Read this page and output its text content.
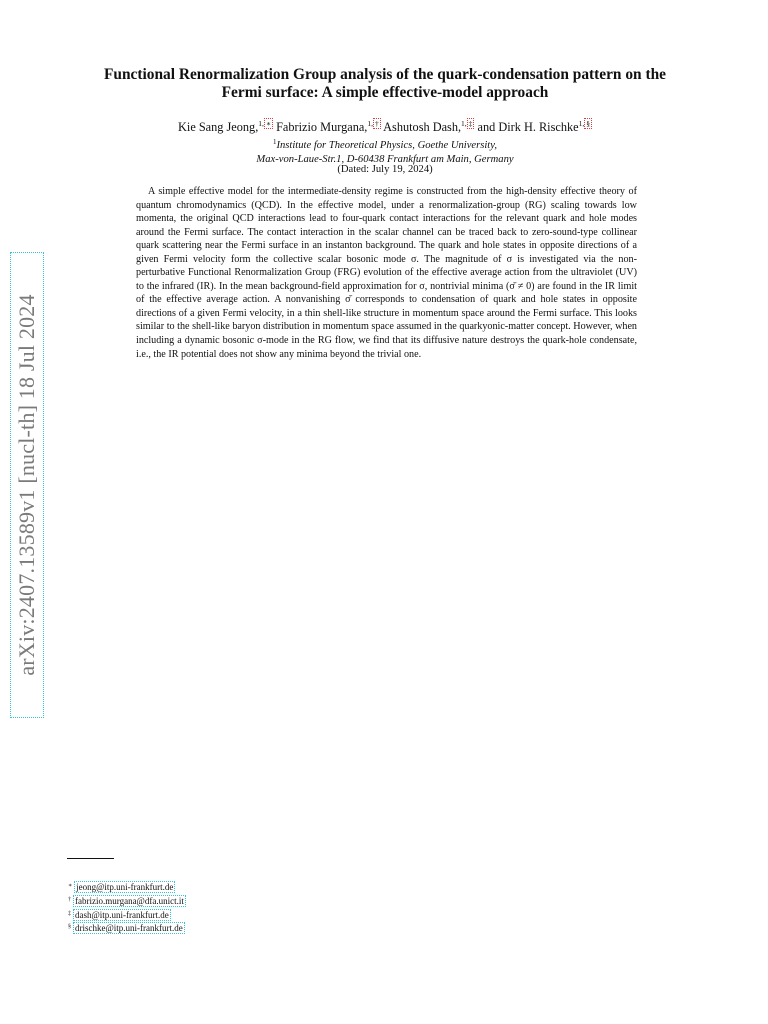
arXiv:2407.13589v1 [nucl-th] 18 Jul 2024
Functional Renormalization Group analysis of the quark-condensation pattern on the
Fermi surface: A simple effective-model approach
Kie Sang Jeong,$^{1, ∗}$ Fabrizio Murgana,$^{1, \dagger}$ Ashutosh Dash,$^{1, \ddagger}$ and Dirk H. Rischke$^{1, \S}$
$^1$Institute for Theoretical Physics, Goethe University,
Max-von-Laue-Str.1, D-60438 Frankfurt am Main, Germany
(Dated: July 19, 2024)

A simple effective model for the intermediate-density regime is constructed from the high-density effective theory of quantum chromodynamics (QCD). In the effective model, under a renormalization-group (RG) scaling towards low momenta, the original QCD interactions lead to four-quark contact interactions for the relevant quark and hole modes around the Fermi surface. The contact interaction in the scalar channel can be traced back to zero-sound-type collinear quark scattering near the Fermi surface in an instanton background. The quark and hole states in opposite directions of a given Fermi velocity form the collective scalar bosonic mode σ. The magnitude of σ is investigated via the non-perturbative Functional Renormalization Group (FRG) evolution of the effective average action from the ultraviolet (UV) to the infrared (IR). In the mean background-field approximation for σ, nontrivial minima (σ̄ ≠ 0) are found in the IR limit of the effective average action. A nonvanishing σ̄ corresponds to condensation of quark and hole states in opposite directions of a given Fermi velocity, in a thin shell-like structure in momentum space around the Fermi surface. This looks similar to the shell-like baryon distribution in momentum space assumed in the quarkyonic-matter concept. However, when including a dynamic bosonic σ-mode in the RG flow, we find that its diffusive nature destroys the quark-hole condensate, i.e., the IR potential does not show any minima beyond the trivial one.

∗ jeong@itp.uni-frankfurt.de
† fabrizio.murgana@dfa.unict.it
‡ dash@itp.uni-frankfurt.de
§ drischke@itp.uni-frankfurt.de
